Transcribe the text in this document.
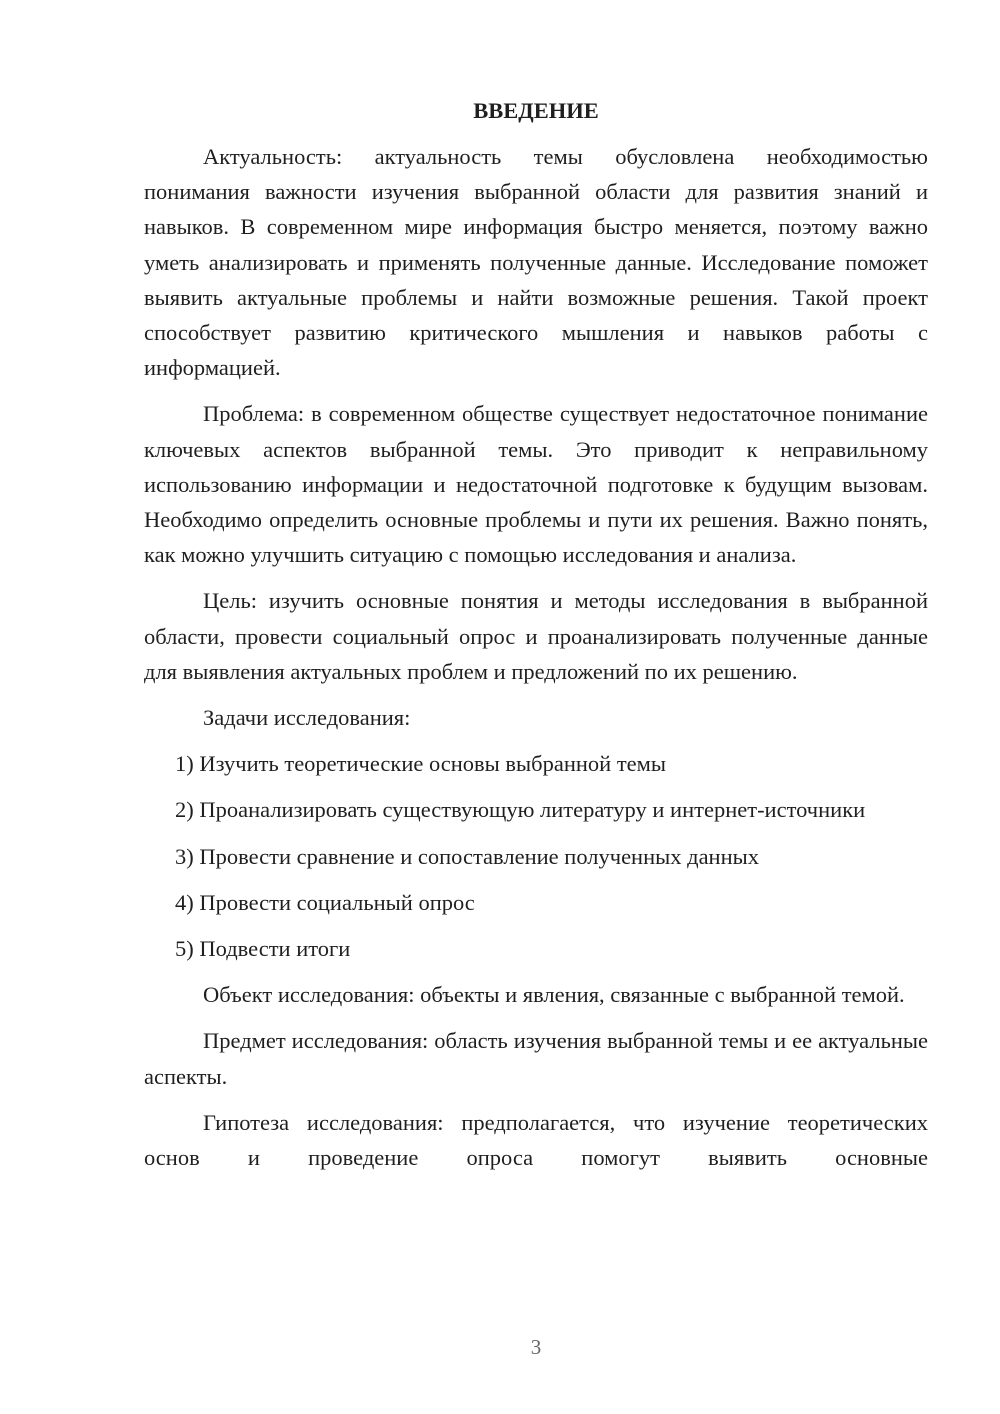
ВВЕДЕНИЕ

Актуальность: актуальность темы обусловлена необходимостью понимания важности изучения выбранной области для развития знаний и навыков. В современном мире информация быстро меняется, поэтому важно уметь анализировать и применять полученные данные. Исследование поможет выявить актуальные проблемы и найти возможные решения. Такой проект способствует развитию критического мышления и навыков работы с информацией.

Проблема: в современном обществе существует недостаточное понимание ключевых аспектов выбранной темы. Это приводит к неправильному использованию информации и недостаточной подготовке к будущим вызовам. Необходимо определить основные проблемы и пути их решения. Важно понять, как можно улучшить ситуацию с помощью исследования и анализа.

Цель: изучить основные понятия и методы исследования в выбранной области, провести социальный опрос и проанализировать полученные данные для выявления актуальных проблем и предложений по их решению.

Задачи исследования:

1) Изучить теоретические основы выбранной темы

2) Проанализировать существующую литературу и интернет-источники

3) Провести сравнение и сопоставление полученных данных

4) Провести социальный опрос

5) Подвести итоги

Объект исследования: объекты и явления, связанные с выбранной темой.

Предмет исследования: область изучения выбранной темы и ее актуальные аспекты.

Гипотеза исследования: предполагается, что изучение теоретических основ и проведение опроса помогут выявить основные

3
